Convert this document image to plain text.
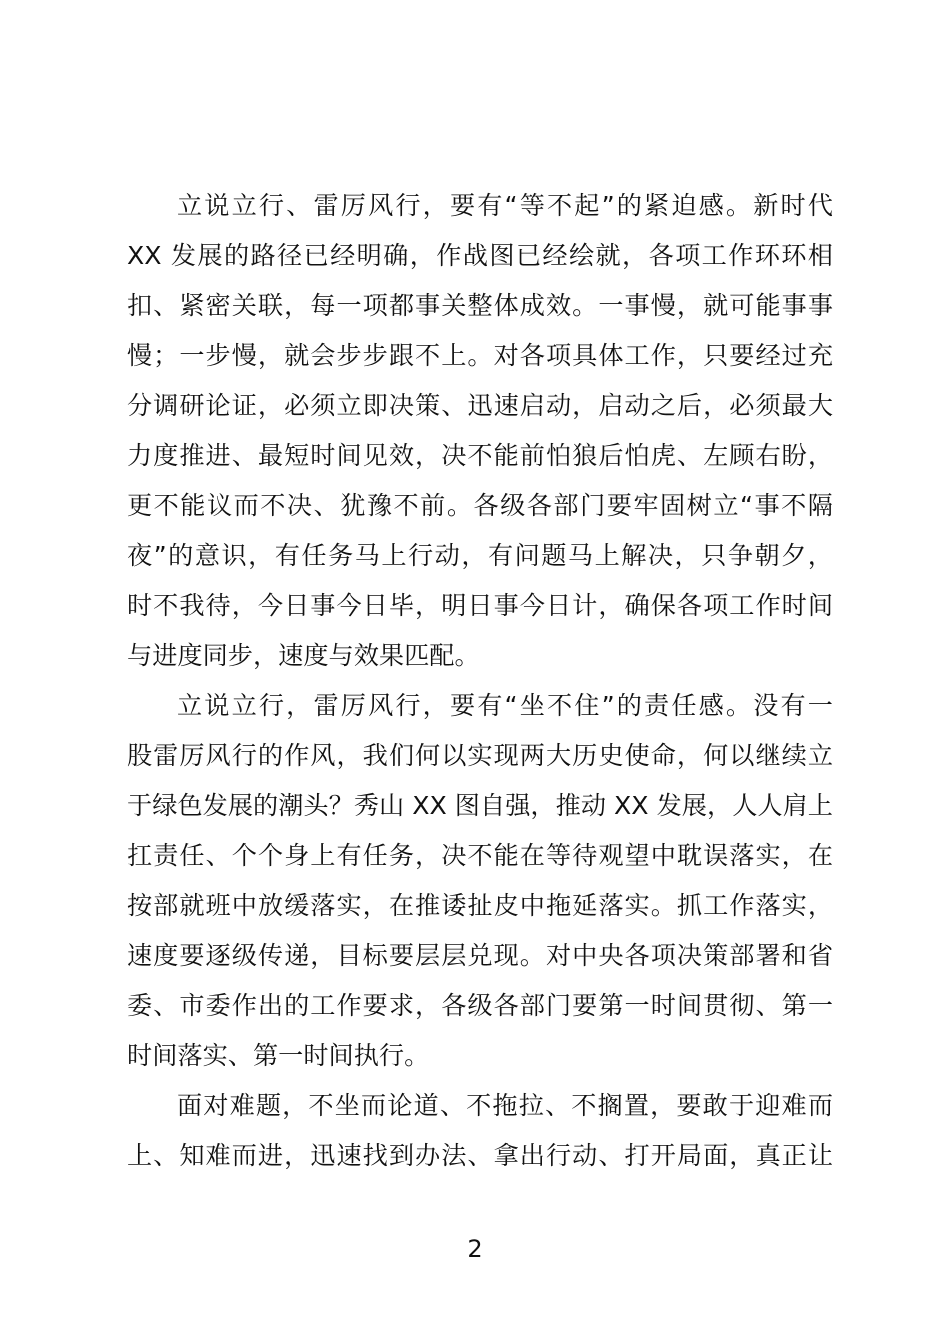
立说立行、雷厉风行，要有“等不起”的紧迫感。新时代
XX 发展的路径已经明确，作战图已经绘就，各项工作环环相
扣、紧密关联，每一项都事关整体成效。一事慢，就可能事事
慢；一步慢，就会步步跟不上。对各项具体工作，只要经过充
分调研论证，必须立即决策、迅速启动，启动之后，必须最大
力度推进、最短时间见效，决不能前怕狼后怕虎、左顾右盼，
更不能议而不决、犹豫不前。各级各部门要牢固树立“事不隔
夜”的意识，有任务马上行动，有问题马上解决，只争朝夕，
时不我待，今日事今日毕，明日事今日计，确保各项工作时间
与进度同步，速度与效果匹配。
立说立行，雷厉风行，要有“坐不住”的责任感。没有一
股雷厉风行的作风，我们何以实现两大历史使命，何以继续立
于绿色发展的潮头？秀山 XX 图自强，推动 XX 发展，人人肩上
扛责任、个个身上有任务，决不能在等待观望中耽误落实，在
按部就班中放缓落实，在推诿扯皮中拖延落实。抓工作落实，
速度要逐级传递，目标要层层兑现。对中央各项决策部署和省
委、市委作出的工作要求，各级各部门要第一时间贯彻、第一
时间落实、第一时间执行。
面对难题，不坐而论道、不拖拉、不搁置，要敢于迎难而
上、知难而进，迅速找到办法、拿出行动、打开局面，真正让
2
